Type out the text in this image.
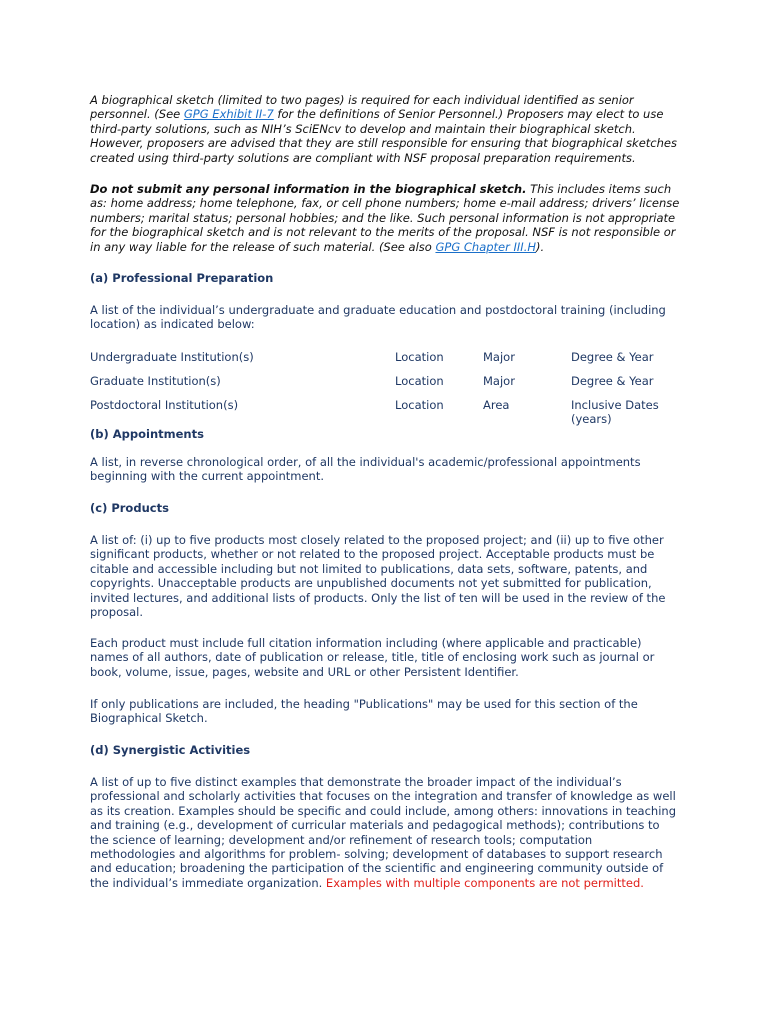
A biographical sketch (limited to two pages) is required for each individual identified as senior personnel. (See GPG Exhibit II-7 for the definitions of Senior Personnel.) Proposers may elect to use third-party solutions, such as NIH’s SciENcv to develop and maintain their biographical sketch. However, proposers are advised that they are still responsible for ensuring that biographical sketches created using third-party solutions are compliant with NSF proposal preparation requirements.

Do not submit any personal information in the biographical sketch. This includes items such as: home address; home telephone, fax, or cell phone numbers; home e-mail address; drivers’ license numbers; marital status; personal hobbies; and the like. Such personal information is not appropriate for the biographical sketch and is not relevant to the merits of the proposal. NSF is not responsible or in any way liable for the release of such material. (See also GPG Chapter III.H).

(a) Professional Preparation

A list of the individual’s undergraduate and graduate education and postdoctoral training (including location) as indicated below:

Undergraduate Institution(s)	Location	Major	Degree & Year
Graduate Institution(s)	Location	Major	Degree & Year
Postdoctoral Institution(s)	Location	Area	Inclusive Dates (years)
(b) Appointments

A list, in reverse chronological order, of all the individual's academic/professional appointments beginning with the current appointment.

(c) Products

A list of: (i) up to five products most closely related to the proposed project; and (ii) up to five other significant products, whether or not related to the proposed project. Acceptable products must be citable and accessible including but not limited to publications, data sets, software, patents, and copyrights. Unacceptable products are unpublished documents not yet submitted for publication, invited lectures, and additional lists of products. Only the list of ten will be used in the review of the proposal.

Each product must include full citation information including (where applicable and practicable) names of all authors, date of publication or release, title, title of enclosing work such as journal or book, volume, issue, pages, website and URL or other Persistent Identifier.

If only publications are included, the heading "Publications" may be used for this section of the Biographical Sketch.

(d) Synergistic Activities

A list of up to five distinct examples that demonstrate the broader impact of the individual’s professional and scholarly activities that focuses on the integration and transfer of knowledge as well as its creation. Examples should be specific and could include, among others: innovations in teaching and training (e.g., development of curricular materials and pedagogical methods); contributions to the science of learning; development and/or refinement of research tools; computation methodologies and algorithms for problem- solving; development of databases to support research and education; broadening the participation of the scientific and engineering community outside of the individual’s immediate organization. Examples with multiple components are not permitted.
